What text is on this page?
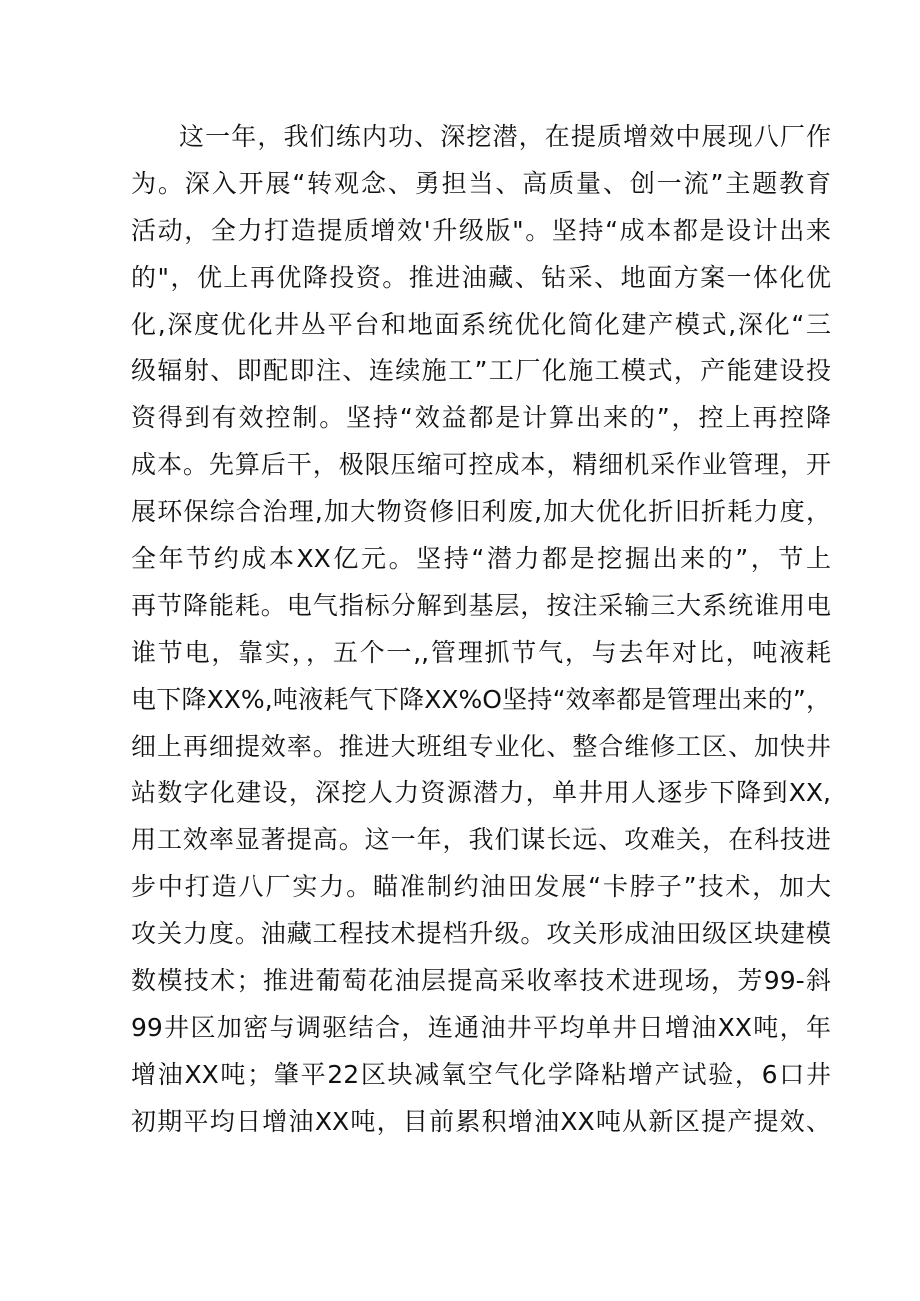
这一年，我们练内功、深挖潜，在提质增效中展现八厂作
为。深入开展“转观念、勇担当、高质量、创一流”主题教育
活动，全力打造提质增效'升级版"。坚持“成本都是设计出来
的"，优上再优降投资。推进油藏、钻采、地面方案一体化优
化,深度优化井丛平台和地面系统优化简化建产模式,深化“三
级辐射、即配即注、连续施工”工厂化施工模式，产能建设投
资得到有效控制。坚持“效益都是计算出来的”，控上再控降
成本。先算后干，极限压缩可控成本，精细机采作业管理，开
展环保综合治理,加大物资修旧利废,加大优化折旧折耗力度，
全年节约成本XX亿元。坚持“潜力都是挖掘出来的”，节上
再节降能耗。电气指标分解到基层，按注采输三大系统谁用电
谁节电，靠实，，五个一,,管理抓节气，与去年对比，吨液耗
电下降XX%,吨液耗气下降XX%O坚持“效率都是管理出来的”，
细上再细提效率。推进大班组专业化、整合维修工区、加快井
站数字化建设，深挖人力资源潜力，单井用人逐步下降到XX,
用工效率显著提高。这一年，我们谋长远、攻难关，在科技进
步中打造八厂实力。瞄准制约油田发展“卡脖子”技术，加大
攻关力度。油藏工程技术提档升级。攻关形成油田级区块建模
数模技术；推进葡萄花油层提高采收率技术进现场，芳99-斜
99井区加密与调驱结合，连通油井平均单井日增油XX吨，年
增油XX吨；肇平22区块减氧空气化学降粘增产试验，6口井
初期平均日增油XX吨，目前累积增油XX吨从新区提产提效、
